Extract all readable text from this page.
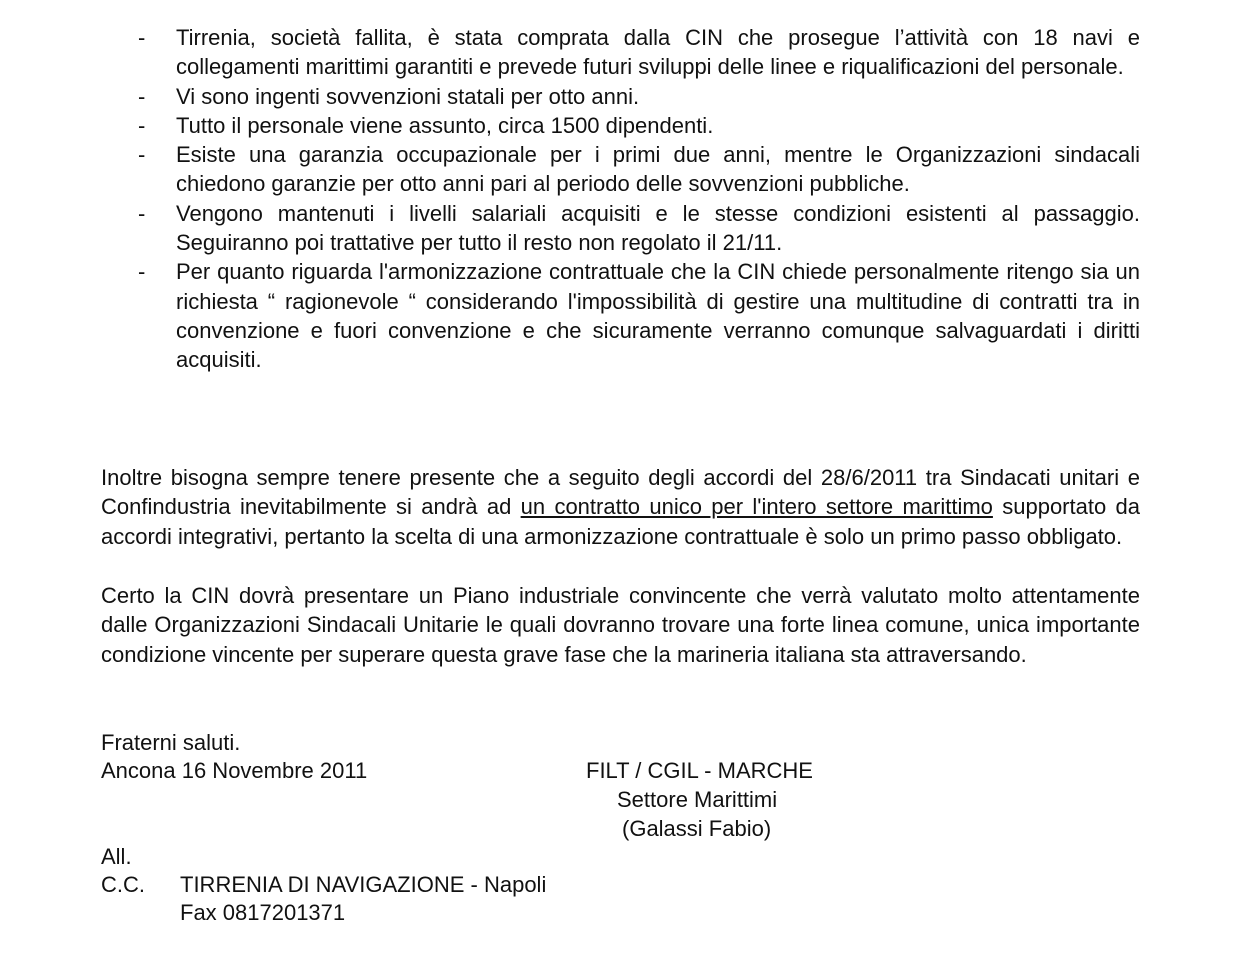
-	Tirrenia, società fallita, è stata comprata dalla CIN che prosegue l’attività con 18 navi e collegamenti marittimi garantiti e prevede futuri sviluppi delle linee e riqualificazioni del personale.
-	Vi sono ingenti sovvenzioni statali per otto anni.
-	Tutto il personale viene assunto, circa 1500 dipendenti.
-	Esiste una garanzia occupazionale per i primi due anni, mentre le Organizzazioni sindacali chiedono garanzie per otto anni pari al periodo delle sovvenzioni pubbliche.
-	Vengono mantenuti i livelli salariali acquisiti e le stesse condizioni esistenti al passaggio. Seguiranno poi trattative per tutto il resto non regolato il 21/11.
-	Per quanto riguarda l'armonizzazione contrattuale che la CIN chiede personalmente ritengo sia un richiesta “ ragionevole “ considerando l'impossibilità di gestire una multitudine di contratti tra in convenzione e fuori convenzione e che sicuramente verranno comunque salvaguardati i diritti acquisiti.
Inoltre bisogna sempre tenere presente che a seguito degli accordi del 28/6/2011 tra Sindacati unitari e Confindustria inevitabilmente si andrà ad un contratto unico per l'intero settore marittimo supportato da accordi integrativi, pertanto la scelta di una armonizzazione contrattuale è solo un primo passo obbligato.
Certo la CIN dovrà presentare un Piano industriale convincente che verrà valutato molto attentamente dalle Organizzazioni Sindacali Unitarie le quali dovranno trovare una forte linea comune, unica importante condizione vincente per superare questa grave fase che la marineria italiana sta attraversando.
Fraterni saluti.
Ancona 16 Novembre 2011	FILT / CGIL - MARCHE
Settore Marittimi
(Galassi Fabio)
All.
C.C. TIRRENIA DI NAVIGAZIONE - Napoli
Fax 0817201371
